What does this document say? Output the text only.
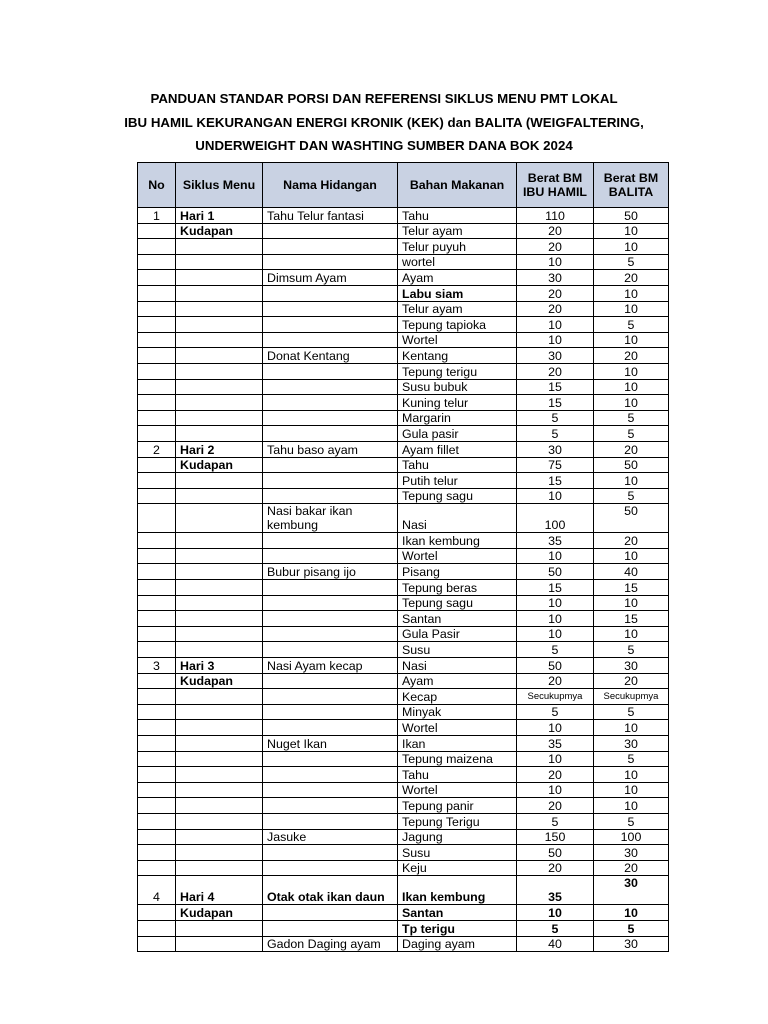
PANDUAN STANDAR PORSI DAN REFERENSI SIKLUS MENU PMT LOKAL
IBU HAMIL KEKURANGAN ENERGI KRONIK (KEK) dan BALITA (WEIGFALTERING,
UNDERWEIGHT DAN WASHTING SUMBER DANA BOK 2024
No	Siklus Menu	Nama Hidangan	Bahan Makanan	Berat BM IBU HAMIL	Berat BM BALITA
1	Hari 1	Tahu Telur fantasi	Tahu	110	50
	Kudapan		Telur ayam	20	10
			Telur puyuh	20	10
			wortel	10	5
		Dimsum Ayam	Ayam	30	20
			Labu siam	20	10
			Telur ayam	20	10
			Tepung tapioka	10	5
			Wortel	10	10
		Donat Kentang	Kentang	30	20
			Tepung terigu	20	10
			Susu bubuk	15	10
			Kuning telur	15	10
			Margarin	5	5
			Gula pasir	5	5
2	Hari 2	Tahu baso ayam	Ayam fillet	30	20
	Kudapan		Tahu	75	50
			Putih telur	15	10
			Tepung sagu	10	5
		Nasi bakar ikan kembung	Nasi	100	50
			Ikan kembung	35	20
			Wortel	10	10
		Bubur pisang ijo	Pisang	50	40
			Tepung beras	15	15
			Tepung sagu	10	10
			Santan	10	15
			Gula Pasir	10	10
			Susu	5	5
3	Hari 3	Nasi Ayam kecap	Nasi	50	30
	Kudapan		Ayam	20	20
			Kecap	Secukupmya	Secukupmya
			Minyak	5	5
			Wortel	10	10
		Nuget Ikan	Ikan	35	30
			Tepung maizena	10	5
			Tahu	20	10
			Wortel	10	10
			Tepung panir	20	10
			Tepung Terigu	5	5
		Jasuke	Jagung	150	100
			Susu	50	30
			Keju	20	20
4	Hari 4	Otak otak ikan daun	Ikan kembung	35	30
	Kudapan		Santan	10	10
			Tp terigu	5	5
		Gadon Daging ayam	Daging ayam	40	30
